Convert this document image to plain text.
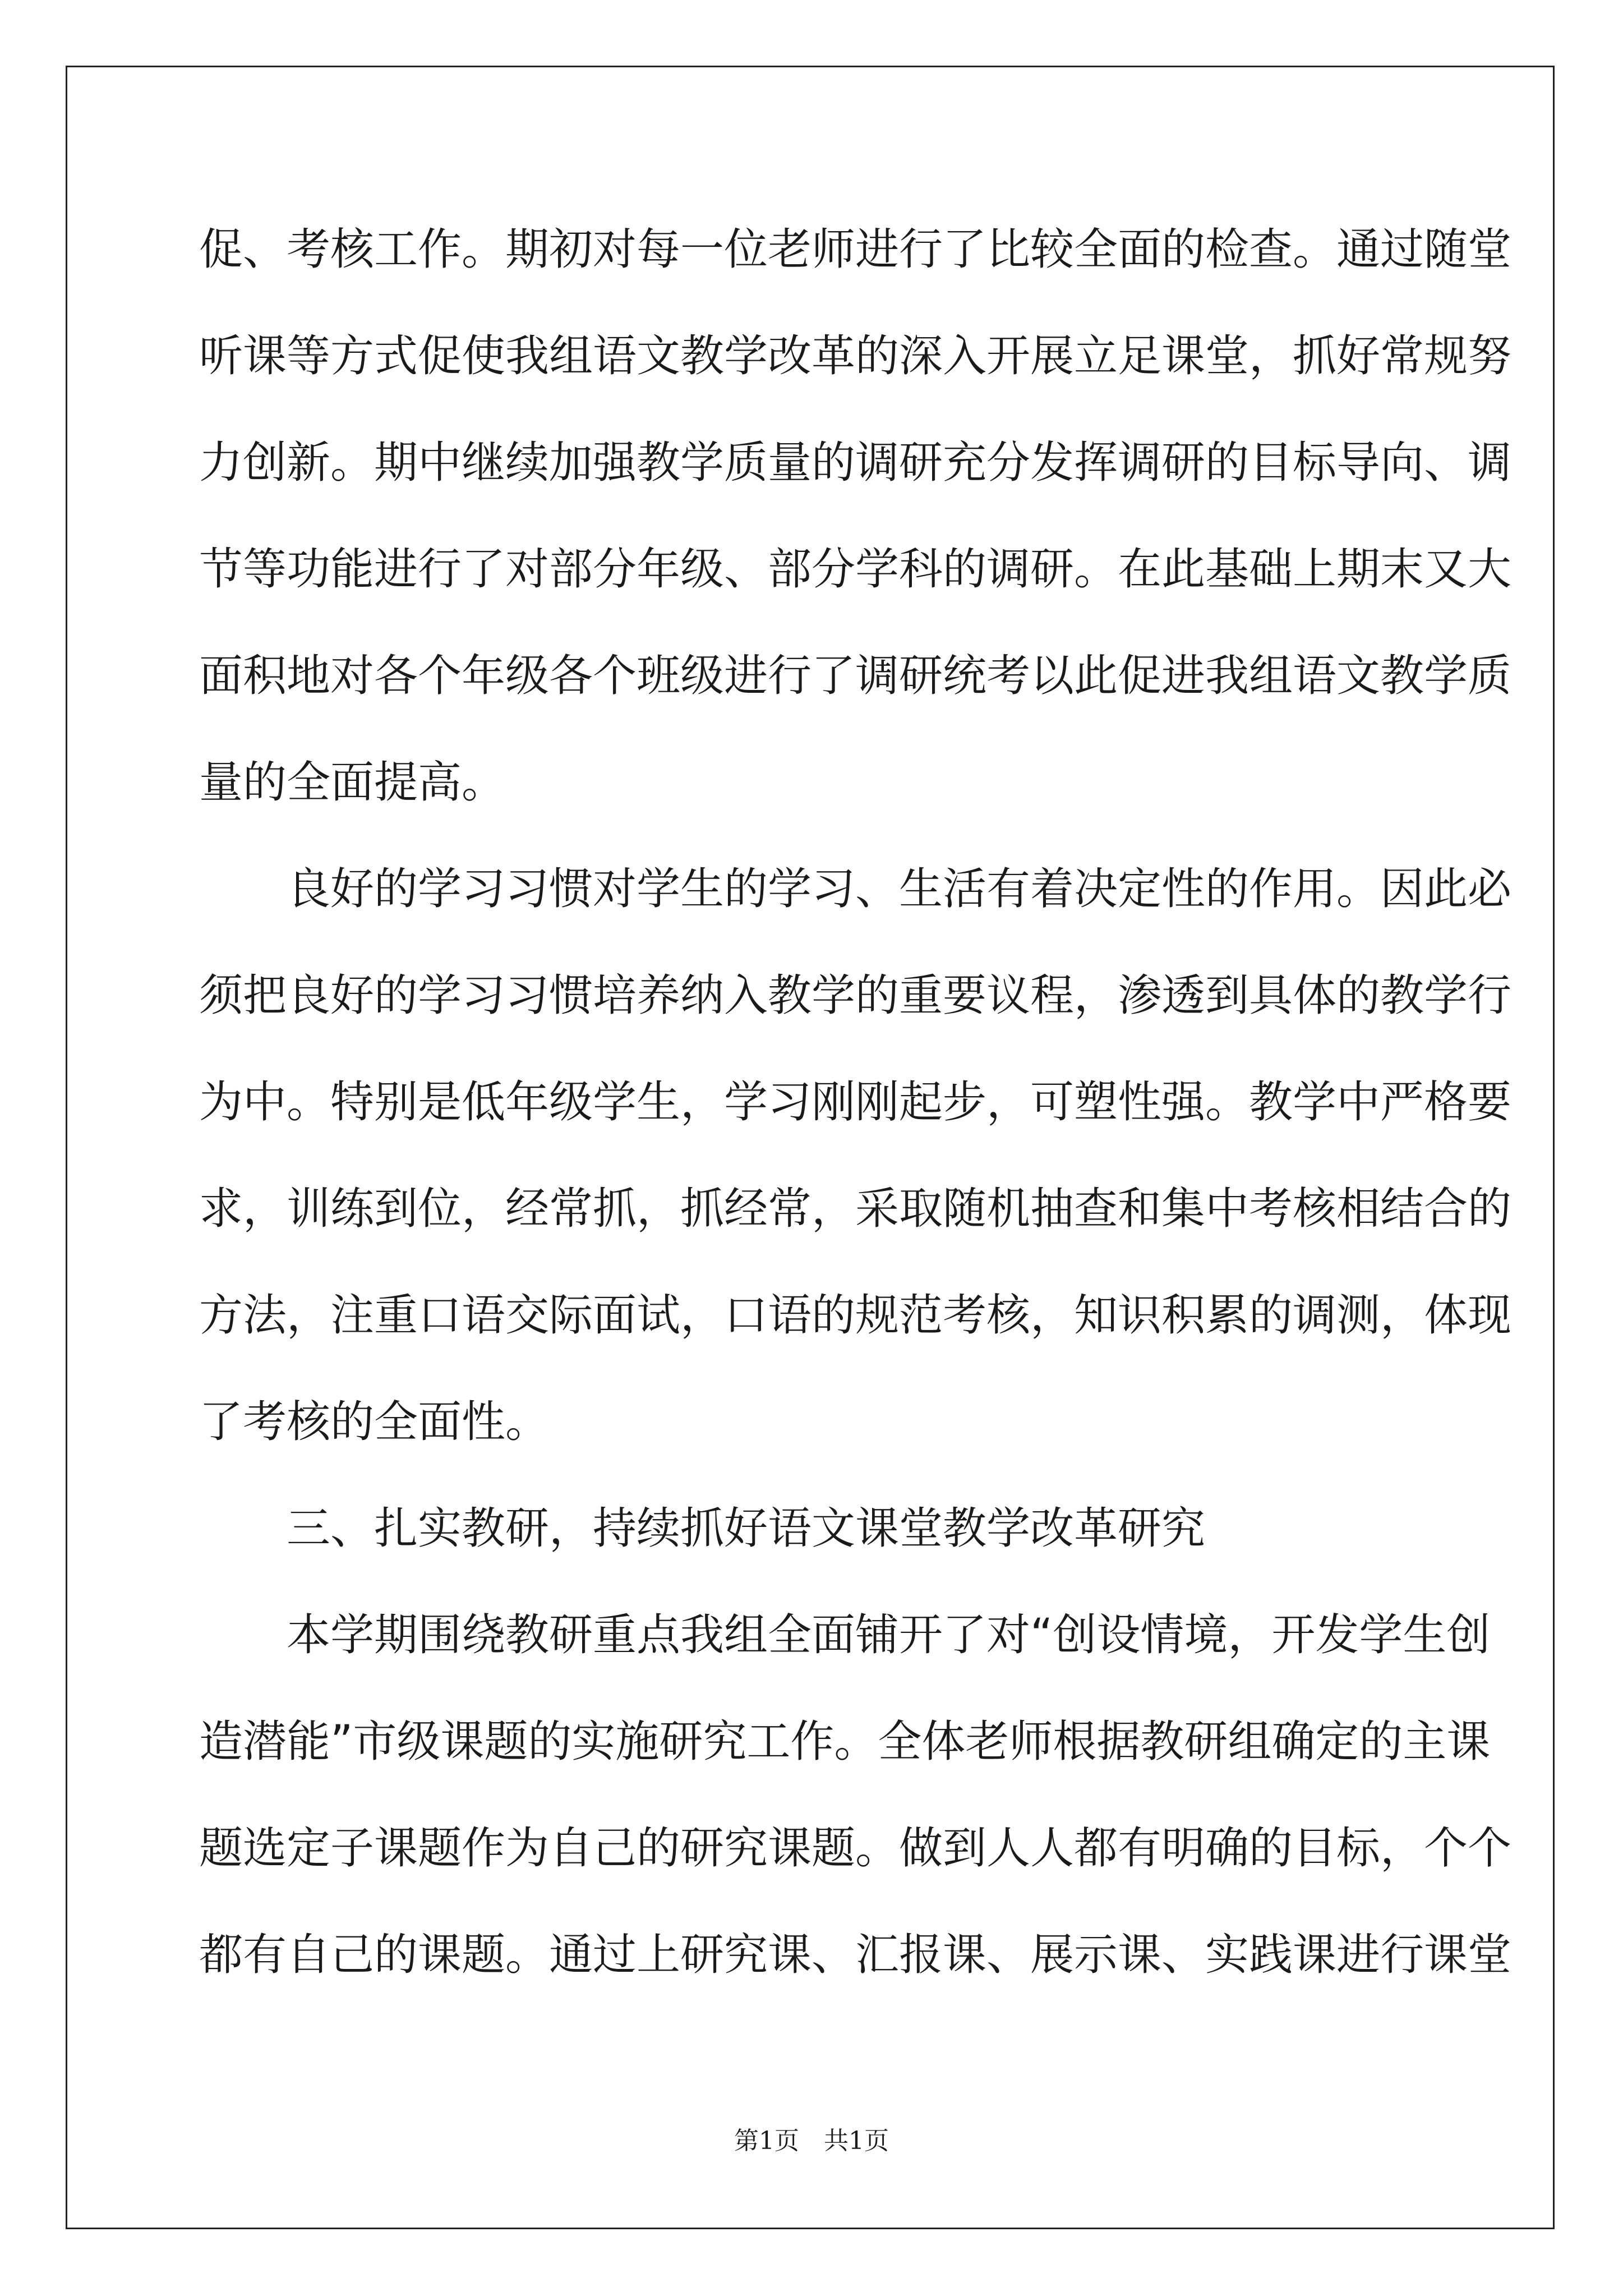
促、考核工作。期初对每一位老师进行了比较全面的检查。通过随堂
听课等方式促使我组语文教学改革的深入开展立足课堂，抓好常规努
力创新。期中继续加强教学质量的调研充分发挥调研的目标导向、调
节等功能进行了对部分年级、部分学科的调研。在此基础上期末又大
面积地对各个年级各个班级进行了调研统考以此促进我组语文教学质
量的全面提高。
　　良好的学习习惯对学生的学习、生活有着决定性的作用。因此必
须把良好的学习习惯培养纳入教学的重要议程，渗透到具体的教学行
为中。特别是低年级学生，学习刚刚起步，可塑性强。教学中严格要
求，训练到位，经常抓，抓经常，采取随机抽查和集中考核相结合的
方法，注重口语交际面试，口语的规范考核，知识积累的调测，体现
了考核的全面性。
　　三、扎实教研，持续抓好语文课堂教学改革研究
　　本学期围绕教研重点我组全面铺开了对“创设情境，开发学生创
造潜能”市级课题的实施研究工作。全体老师根据教研组确定的主课
题选定子课题作为自己的研究课题。做到人人都有明确的目标，个个
都有自己的课题。通过上研究课、汇报课、展示课、实践课进行课堂
第1页　共1页
